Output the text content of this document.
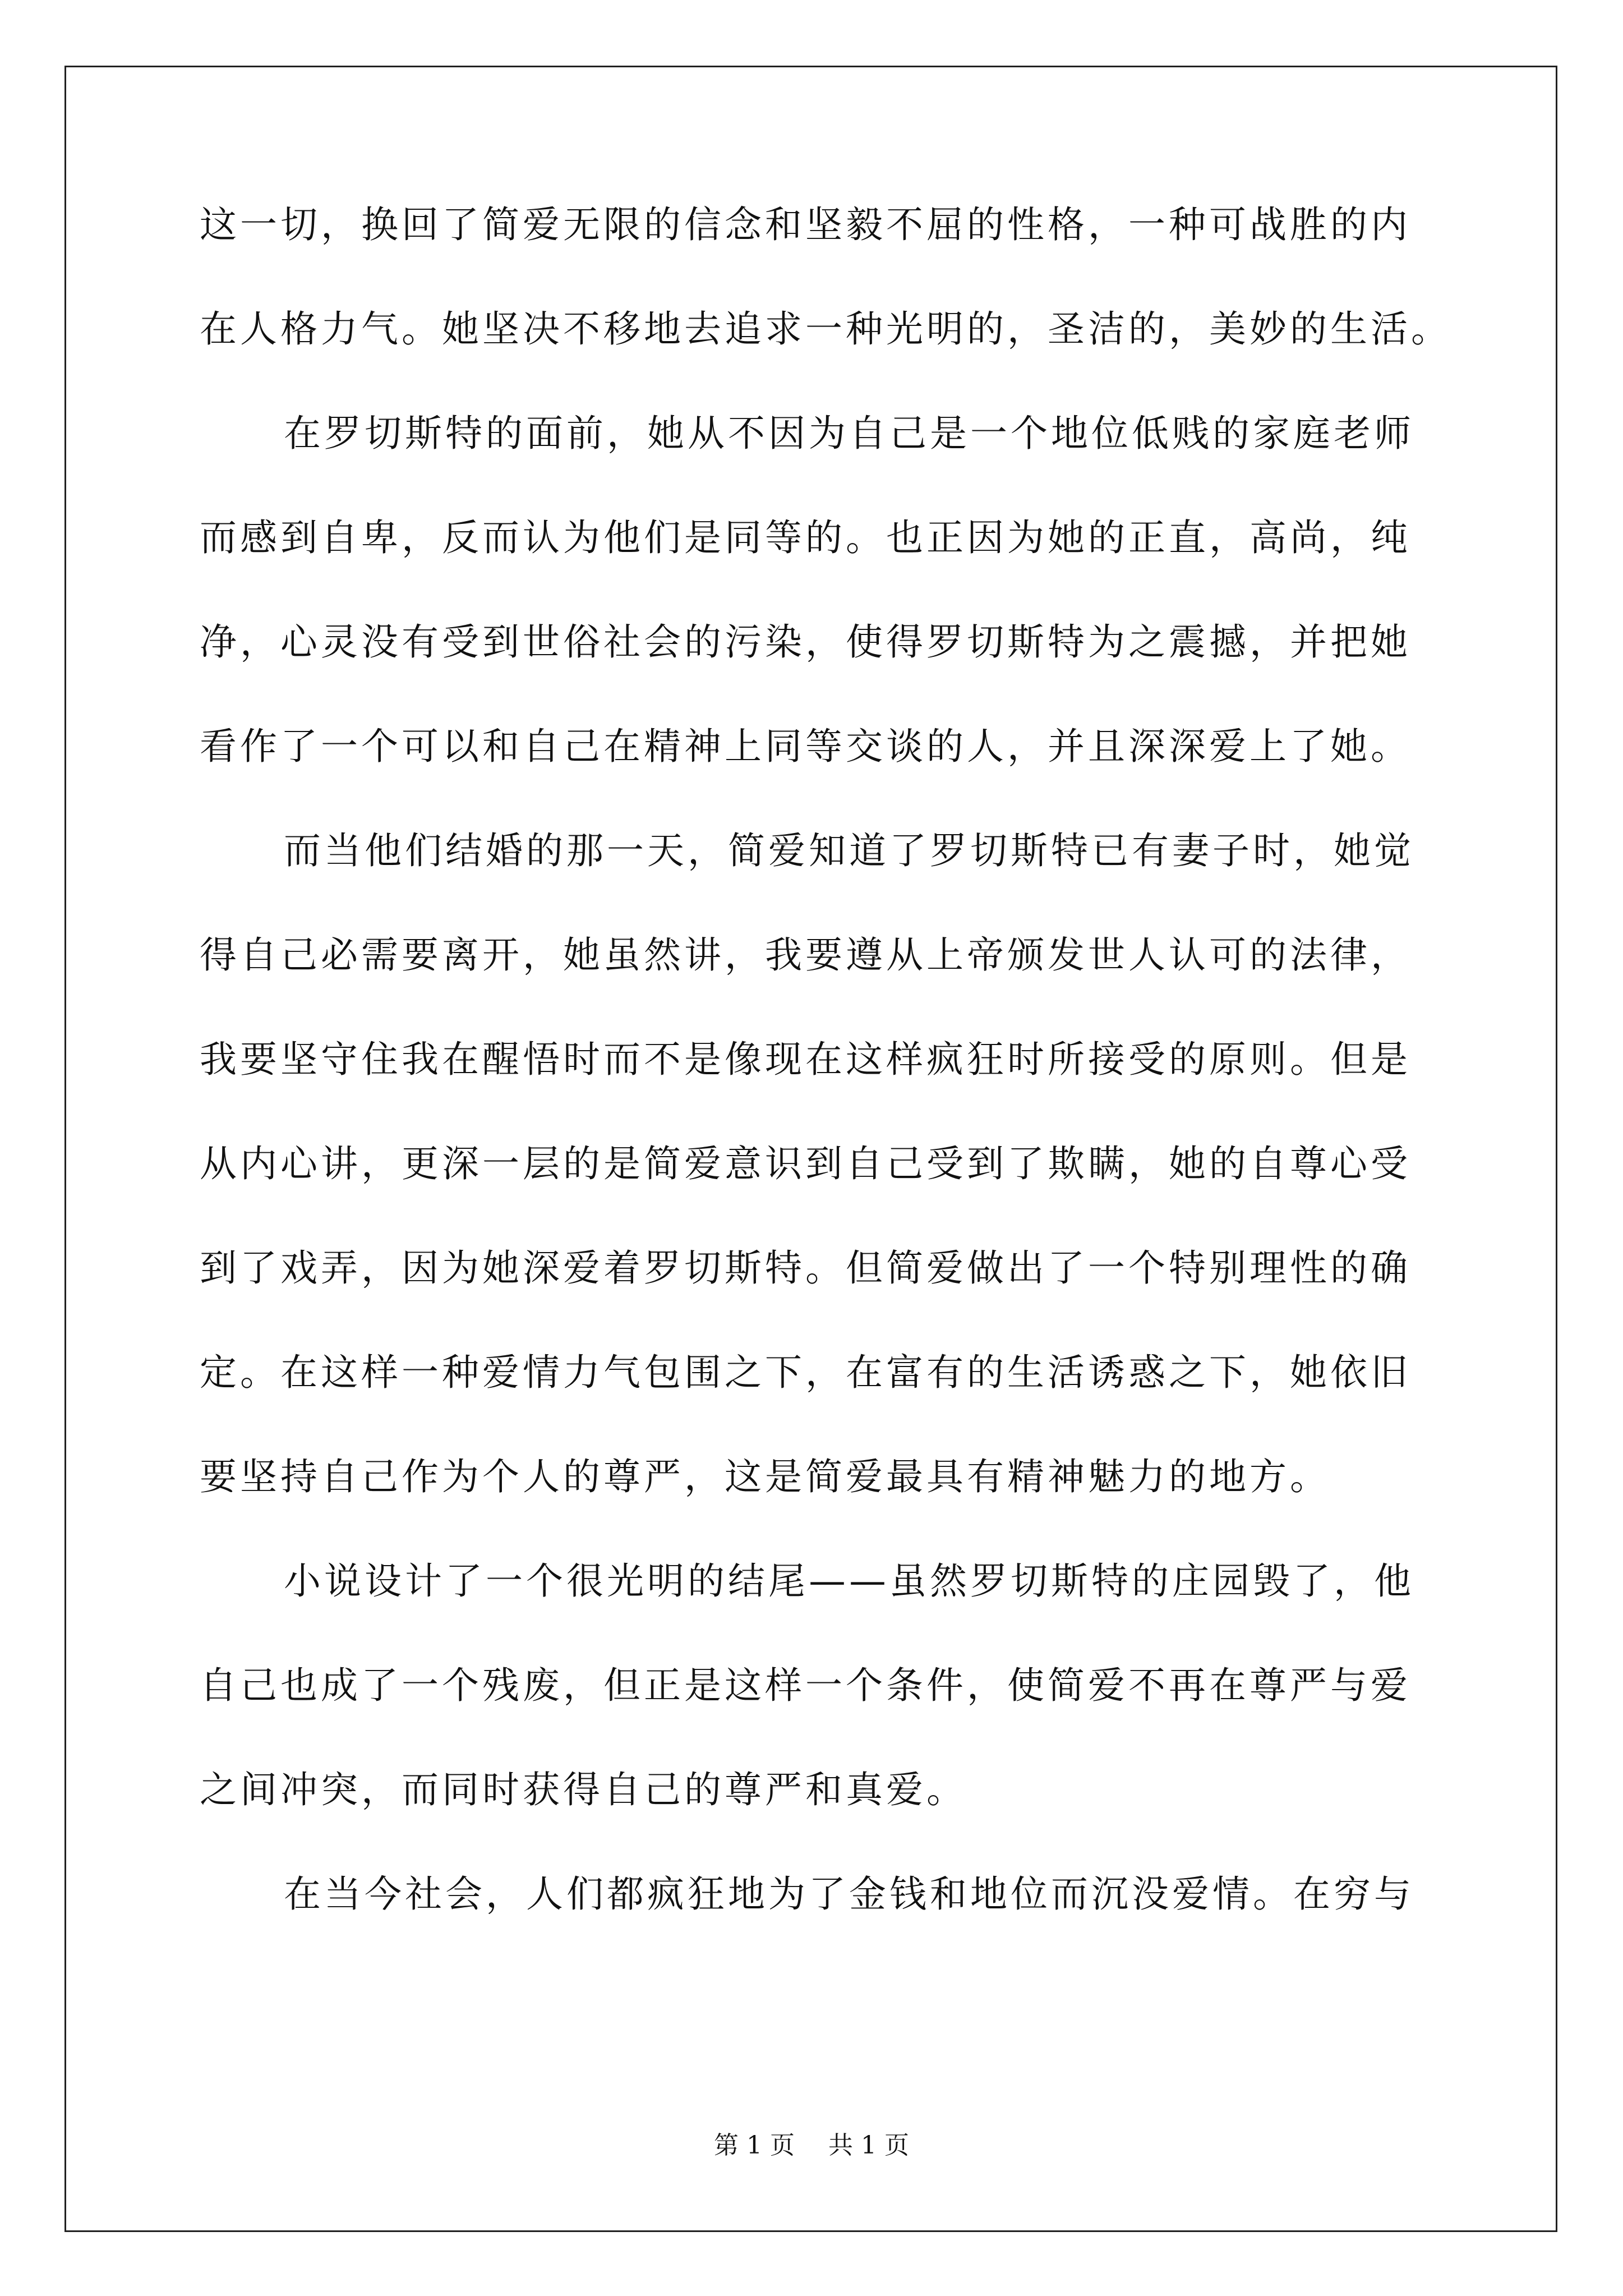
这一切，换回了简爱无限的信念和坚毅不屈的性格，一种可战胜的内
在人格力气。她坚决不移地去追求一种光明的，圣洁的，美妙的生活。
在罗切斯特的面前，她从不因为自己是一个地位低贱的家庭老师
而感到自卑，反而认为他们是同等的。也正因为她的正直，高尚，纯
净，心灵没有受到世俗社会的污染，使得罗切斯特为之震撼，并把她
看作了一个可以和自己在精神上同等交谈的人，并且深深爱上了她。
而当他们结婚的那一天，简爱知道了罗切斯特已有妻子时，她觉
得自己必需要离开，她虽然讲，我要遵从上帝颁发世人认可的法律，
我要坚守住我在醒悟时而不是像现在这样疯狂时所接受的原则。但是
从内心讲，更深一层的是简爱意识到自己受到了欺瞒，她的自尊心受
到了戏弄，因为她深爱着罗切斯特。但简爱做出了一个特别理性的确
定。在这样一种爱情力气包围之下，在富有的生活诱惑之下，她依旧
要坚持自己作为个人的尊严，这是简爱最具有精神魅力的地方。
小说设计了一个很光明的结尾——虽然罗切斯特的庄园毁了，他
自己也成了一个残废，但正是这样一个条件，使简爱不再在尊严与爱
之间冲突，而同时获得自己的尊严和真爱。
在当今社会，人们都疯狂地为了金钱和地位而沉没爱情。在穷与
第 1 页 共 1 页
